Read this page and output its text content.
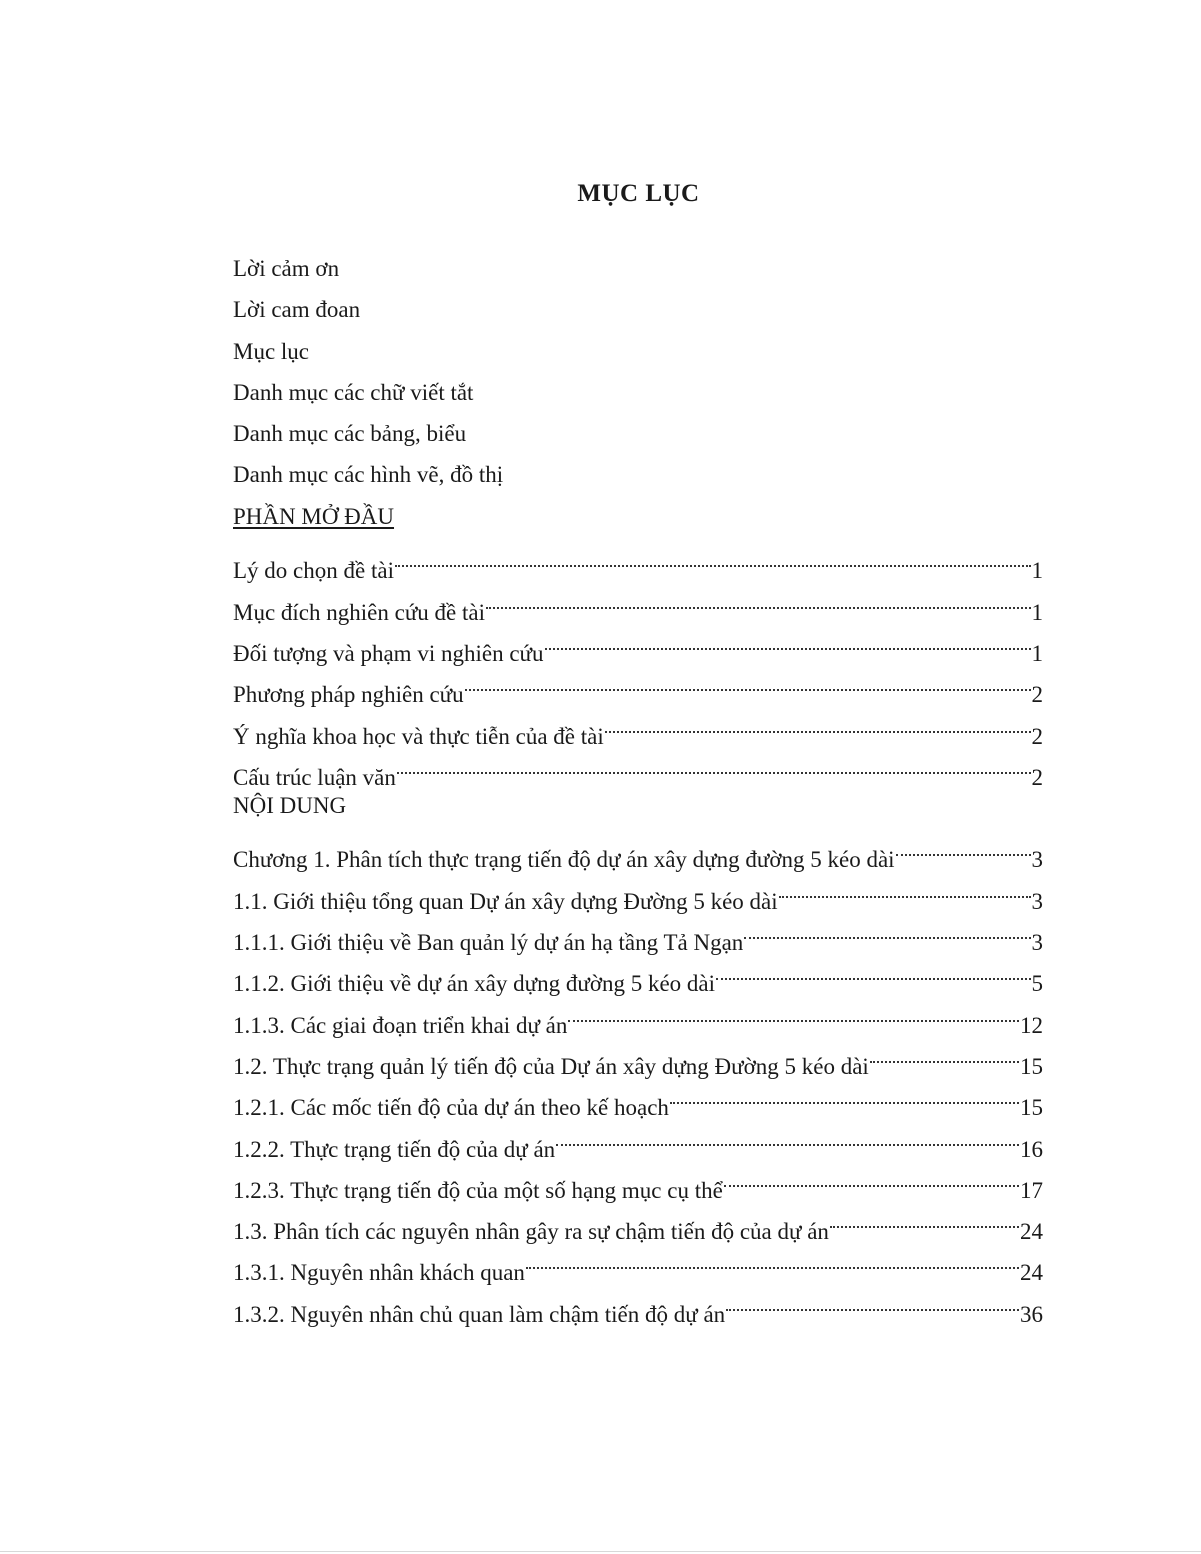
MỤC LỤC
Lời cảm ơn
Lời cam đoan
Mục lục
Danh mục các chữ viết tắt
Danh mục các bảng, biểu
Danh mục các hình vẽ, đồ thị
PHẦN MỞ ĐẦU
Lý do chọn đề tài	1
Mục đích nghiên cứu đề tài	1
Đối tượng và phạm vi nghiên cứu	1
Phương pháp nghiên cứu	2
Ý nghĩa khoa học và thực tiễn của đề tài	2
Cấu trúc luận văn	2
NỘI DUNG
Chương 1. Phân tích thực trạng tiến độ dự án xây dựng đường 5 kéo dài	3
1.1. Giới thiệu tổng quan Dự án xây dựng Đường 5 kéo dài	3
1.1.1. Giới thiệu về Ban quản lý dự án hạ tầng Tả Ngạn	3
1.1.2. Giới thiệu về dự án xây dựng đường 5 kéo dài	5
1.1.3. Các giai đoạn triển khai dự án	12
1.2. Thực trạng quản lý tiến độ của Dự án xây dựng Đường 5 kéo dài	15
1.2.1. Các mốc tiến độ của dự án theo kế hoạch	15
1.2.2. Thực trạng tiến độ của dự án	16
1.2.3. Thực trạng tiến độ của một số hạng mục cụ thể	17
1.3. Phân tích các nguyên nhân gây ra sự chậm tiến độ của dự án	24
1.3.1. Nguyên nhân khách quan	24
1.3.2. Nguyên nhân chủ quan làm chậm tiến độ dự án	36
